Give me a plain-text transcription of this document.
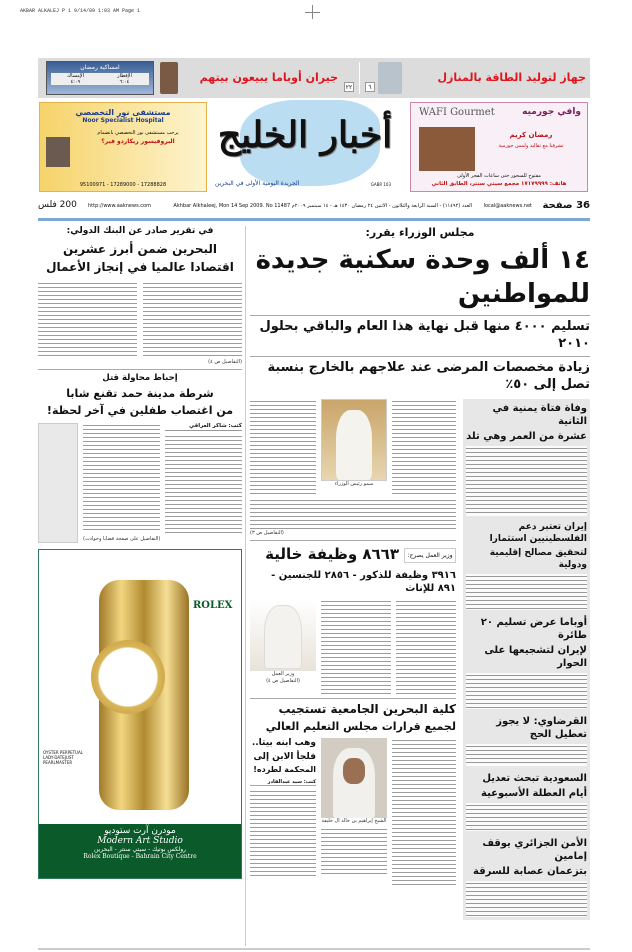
AKBAR ALKALEJ P 1 9/14/09 1:03 AM Page 1
٦
جهاز لتوليد الطاقة بالمنازل
٢٢
جيران أوباما يبيعون بيتهم
امساكية رمضان
الإفطار
٦:٠٤
الإمساك
٤:٠٩
مستشفى نور التخصصي
Noor Specialist Hospital
يرحب مستشفى نور التخصصي بانضمام
البروفيسور ريكاردو فير؟
95100971 - 17289000 - 17288828
أخبار الخليج
الجريدة اليومية الأولى في البحرين	GABR 103
WAFI Gourmet	وافي جورميه
رمضان كريم
تشرفنا مع تقاليد ولمس جورمية
مفتوح للسحور حتى ساعات الفجر الأولى
هاتف: ١٧١٧٩٩٩٩ مجمع سيتي سنتر، الطابق الثاني
36 صفحة
local@aaknews.net
العدد (١١٤٩٢) - السنة الرابعة والثلاثون - الاثنين ٢٤ رمضان ١٤٣٠ هـ - ١٤ سبتمبر ٢٠٠٩م Akhbar Alkhaleej, Mon 14 Sep 2009. No 11487
http://www.aaknews.com
200 فلس
مجلس الوزراء يقرر:
١٤ ألف وحدة سكنية جديدة للمواطنين
تسليم ٤٠٠٠ منها قبل نهاية هذا العام والباقي بحلول ٢٠١٠
زيادة مخصصات المرضى عند علاجهم بالخارج بنسبة تصل إلى ٥٠٪
وفاة فتاة يمنية في الثانية
عشرة من العمر وهي تلد
إيران تعتبر دعم الفلسطينيين استثمارا
لتحقيق مصالح إقليمية ودولية
أوباما عرض تسليم ٢٠ طائرة
لإيران لتشجيعها على الحوار
القرضاوي: لا يجوز تعطيل الحج
السعودية تبحث تعديل
أيام العطلة الأسبوعية
الأمن الجزائري يوقف إمامين
بتزعمان عصابة للسرقة
سمو رئيس الوزراء
(التفاصيل ص ٣)
وزير العمل يصرح:
٨٦٦٣ وظيفة خالية
٣٩١٦ وظيفة للذكور - ٢٨٥٦ للجنسين - ٨٩١ للإناث
وزير العمل
(التفاصيل ص ٤)
كلية البحرين الجامعية تستجيب
لجميع قرارات مجلس التعليم العالي
الشيخ إبراهيم بن خالد آل خليفة
وهب ابنه بيتا..
فلجأ الابن إلى
المحكمة لطرده!
كتب: سيد عبدالقادر
في تقرير صادر عن البنك الدولي:
البحرين ضمن أبرز عشرين
اقتصادا عالميا في إنجاز الأعمال
(التفاصيل ص ٤)
إحباط محاولة قتل
شرطة مدينة حمد تقنع شابا
من اغتصاب طفلين في آخر لحظة!
كتب: شاكر العراقي
(التفاصيل على صفحة قضايا وحوادث)
ROLEX
OYSTER PERPETUAL LADY-DATEJUST PEARLMASTER
مودرن آرت ستوديو
Modern Art Studio
رولكس بوتيك - سيتي سنتر - البحرين
Rolex Boutique - Bahrain City Centre
